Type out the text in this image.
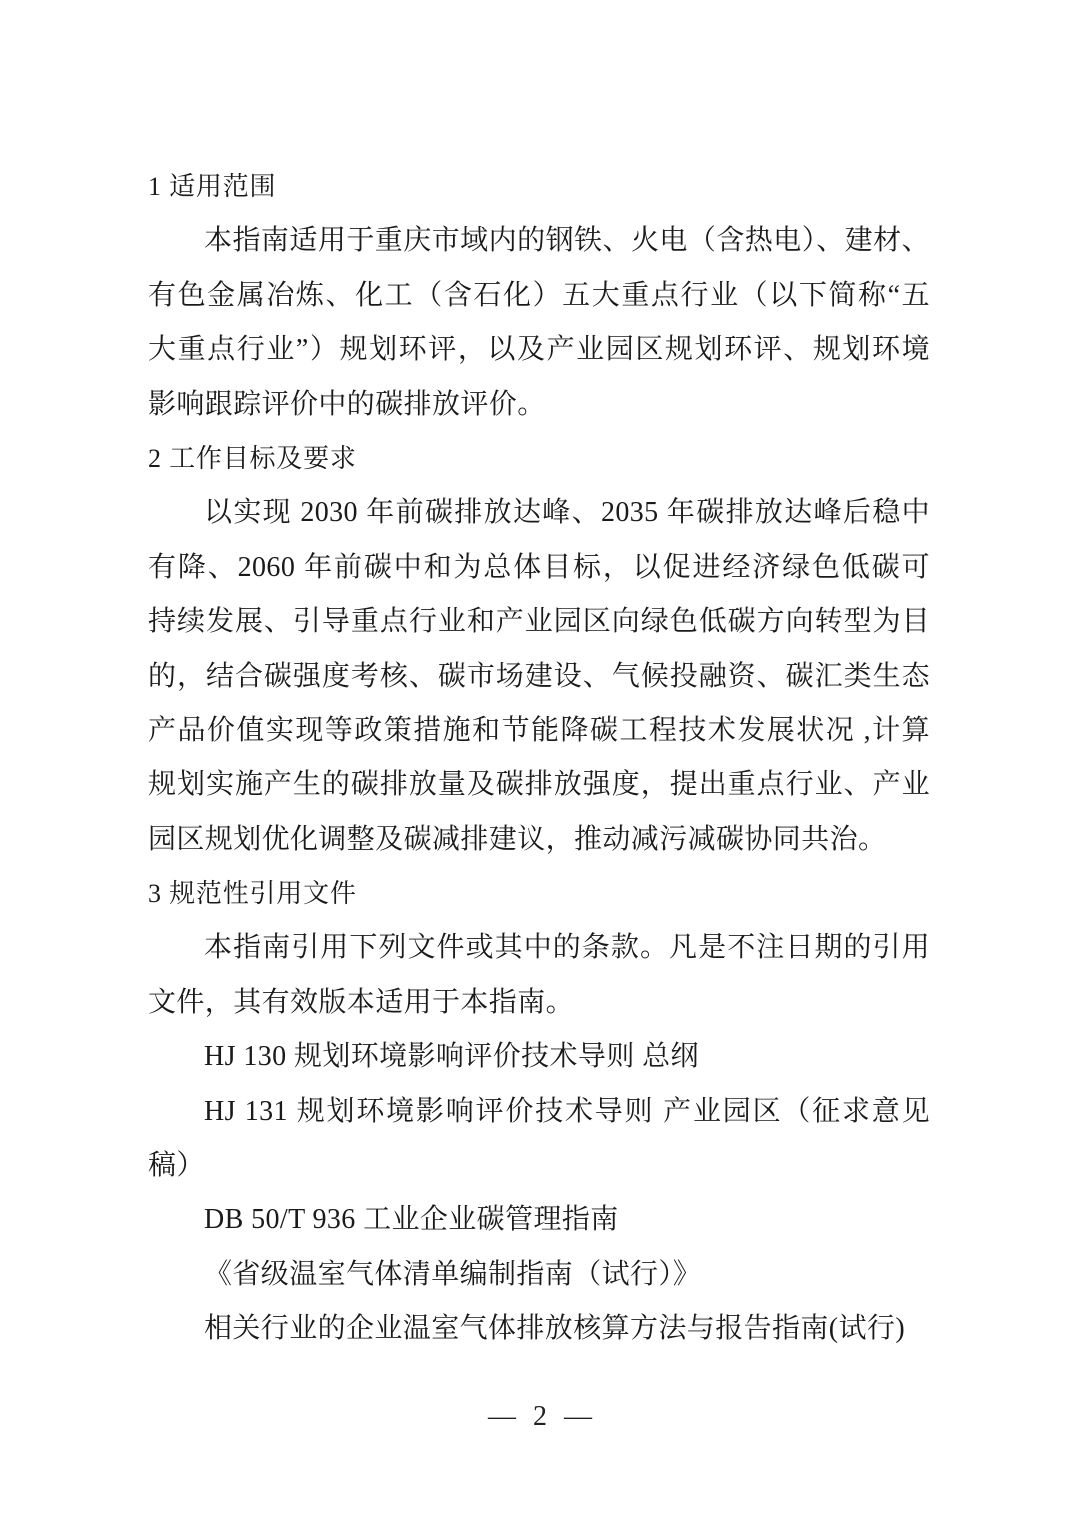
1 适用范围
本指南适用于重庆市域内的钢铁、火电（含热电）、建材、
有色金属冶炼、化工（含石化）五大重点行业（以下简称“五
大重点行业”）规划环评，以及产业园区规划环评、规划环境
影响跟踪评价中的碳排放评价。
2 工作目标及要求
以实现 2030 年前碳排放达峰、2035 年碳排放达峰后稳中
有降、2060 年前碳中和为总体目标，以促进经济绿色低碳可
持续发展、引导重点行业和产业园区向绿色低碳方向转型为目
的，结合碳强度考核、碳市场建设、气候投融资、碳汇类生态
产品价值实现等政策措施和节能降碳工程技术发展状况 ,计算
规划实施产生的碳排放量及碳排放强度，提出重点行业、产业
园区规划优化调整及碳减排建议，推动减污减碳协同共治。
3 规范性引用文件
本指南引用下列文件或其中的条款。凡是不注日期的引用
文件，其有效版本适用于本指南。
HJ 130 规划环境影响评价技术导则 总纲
HJ 131 规划环境影响评价技术导则 产业园区（征求意见
稿）
DB 50/T 936 工业企业碳管理指南
《省级温室气体清单编制指南（试行）》
相关行业的企业温室气体排放核算方法与报告指南(试行)
— 2 —
